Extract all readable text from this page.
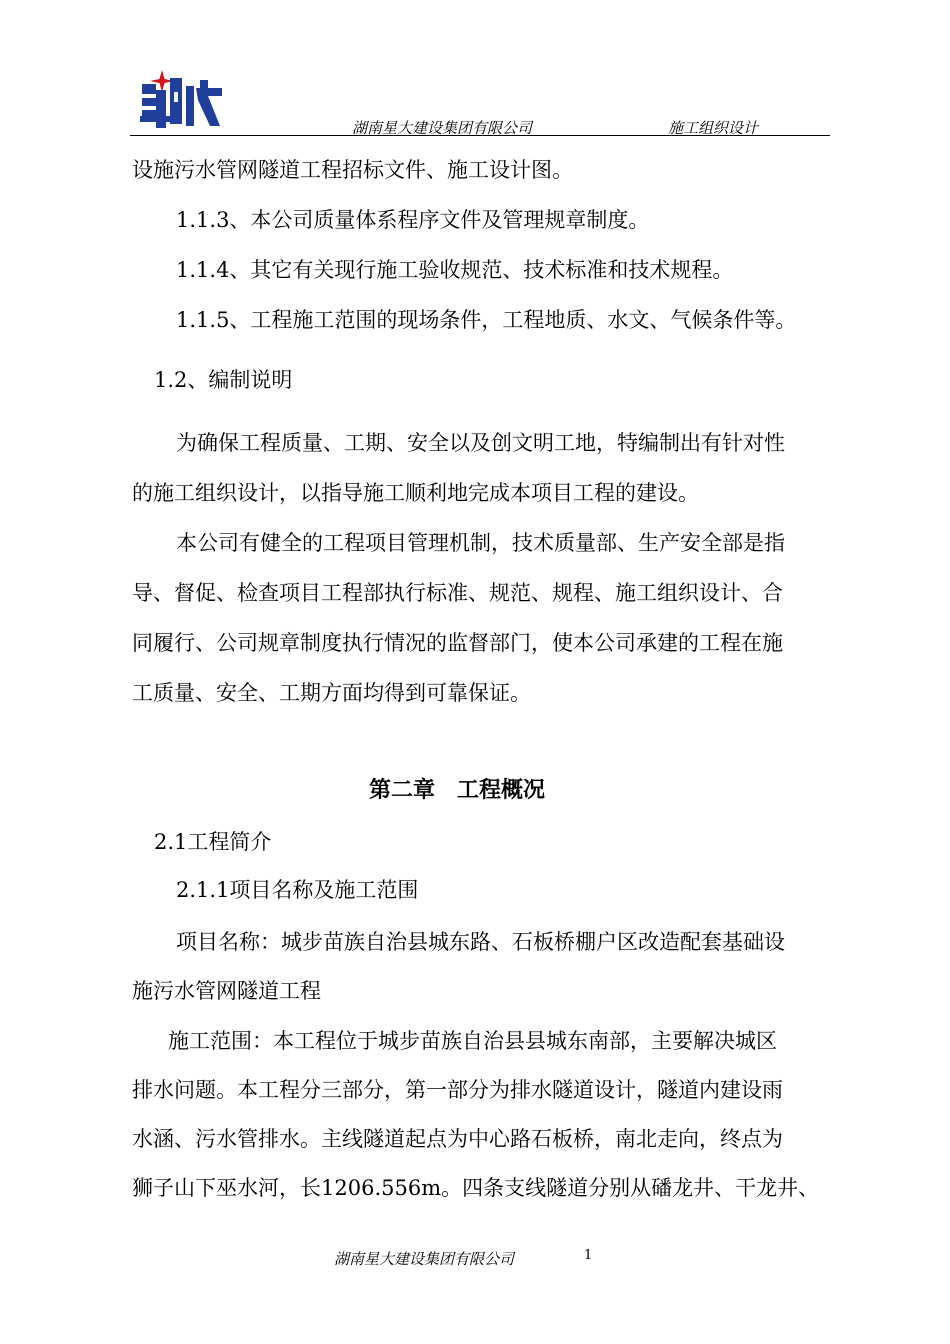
湖南星大建设集团有限公司	施工组织设计
设施污水管网隧道工程招标文件、施工设计图。
1.1.3、本公司质量体系程序文件及管理规章制度。
1.1.4、其它有关现行施工验收规范、技术标准和技术规程。
1.1.5、工程施工范围的现场条件，工程地质、水文、气候条件等。
1.2、编制说明
为确保工程质量、工期、安全以及创文明工地，特编制出有针对性
的施工组织设计，以指导施工顺利地完成本项目工程的建设。
本公司有健全的工程项目管理机制，技术质量部、生产安全部是指
导、督促、检查项目工程部执行标准、规范、规程、施工组织设计、合
同履行、公司规章制度执行情况的监督部门，使本公司承建的工程在施
工质量、安全、工期方面均得到可靠保证。
第二章　工程概况
2.1工程简介
2.1.1项目名称及施工范围
项目名称：城步苗族自治县城东路、石板桥棚户区改造配套基础设
施污水管网隧道工程
施工范围：本工程位于城步苗族自治县县城东南部，主要解决城区
排水问题。本工程分三部分，第一部分为排水隧道设计，隧道内建设雨
水涵、污水管排水。主线隧道起点为中心路石板桥，南北走向，终点为
狮子山下巫水河，长1206.556m。四条支线隧道分别从磻龙井、干龙井、
湖南星大建设集团有限公司	1
